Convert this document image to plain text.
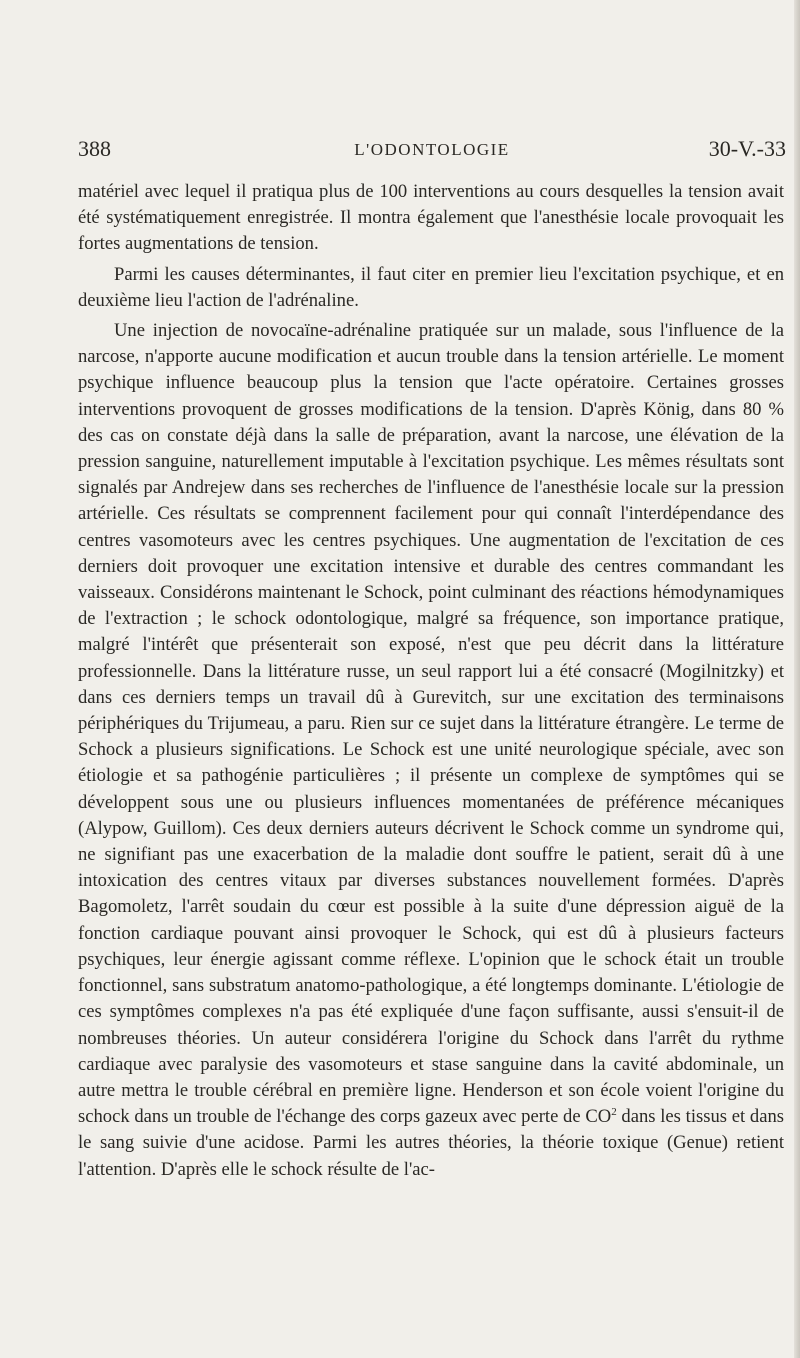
388	L'ODONTOLOGIE	30-V.-33

matériel avec lequel il pratiqua plus de 100 interventions au cours desquelles la tension avait été systématiquement enregistrée. Il montra également que l'anesthésie locale provoquait les fortes augmentations de tension.

Parmi les causes déterminantes, il faut citer en premier lieu l'excitation psychique, et en deuxième lieu l'action de l'adrénaline.

Une injection de novocaïne-adrénaline pratiquée sur un malade, sous l'influence de la narcose, n'apporte aucune modification et aucun trouble dans la tension artérielle. Le moment psychique influence beaucoup plus la tension que l'acte opératoire. Certaines grosses interventions provoquent de grosses modifications de la tension. D'après König, dans 80 % des cas on constate déjà dans la salle de préparation, avant la narcose, une élévation de la pression sanguine, naturellement imputable à l'excitation psychique. Les mêmes résultats sont signalés par Andrejew dans ses recherches de l'influence de l'anesthésie locale sur la pression artérielle. Ces résultats se comprennent facilement pour qui connaît l'interdépendance des centres vasomoteurs avec les centres psychiques. Une augmentation de l'excitation de ces derniers doit provoquer une excitation intensive et durable des centres commandant les vaisseaux. Considérons maintenant le Schock, point culminant des réactions hémodynamiques de l'extraction ; le schock odontologique, malgré sa fréquence, son importance pratique, malgré l'intérêt que présenterait son exposé, n'est que peu décrit dans la littérature professionnelle. Dans la littérature russe, un seul rapport lui a été consacré (Mogilnitzky) et dans ces derniers temps un travail dû à Gurevitch, sur une excitation des terminaisons périphériques du Trijumeau, a paru. Rien sur ce sujet dans la littérature étrangère. Le terme de Schock a plusieurs significations. Le Schock est une unité neurologique spéciale, avec son étiologie et sa pathogénie particulières ; il présente un complexe de symptômes qui se développent sous une ou plusieurs influences momentanées de préférence mécaniques (Alypow, Guillom). Ces deux derniers auteurs décrivent le Schock comme un syndrome qui, ne signifiant pas une exacerbation de la maladie dont souffre le patient, serait dû à une intoxication des centres vitaux par diverses substances nouvellement formées. D'après Bagomoletz, l'arrêt soudain du cœur est possible à la suite d'une dépression aiguë de la fonction cardiaque pouvant ainsi provoquer le Schock, qui est dû à plusieurs facteurs psychiques, leur énergie agissant comme réflexe. L'opinion que le schock était un trouble fonctionnel, sans substratum anatomo-pathologique, a été longtemps dominante. L'étiologie de ces symptômes complexes n'a pas été expliquée d'une façon suffisante, aussi s'ensuit-il de nombreuses théories. Un auteur considérera l'origine du Schock dans l'arrêt du rythme cardiaque avec paralysie des vasomoteurs et stase sanguine dans la cavité abdominale, un autre mettra le trouble cérébral en première ligne. Henderson et son école voient l'origine du schock dans un trouble de l'échange des corps gazeux avec perte de $CO^2$ dans les tissus et dans le sang suivie d'une acidose. Parmi les autres théories, la théorie toxique (Genue) retient l'attention. D'après elle le schock résulte de l'ac-
